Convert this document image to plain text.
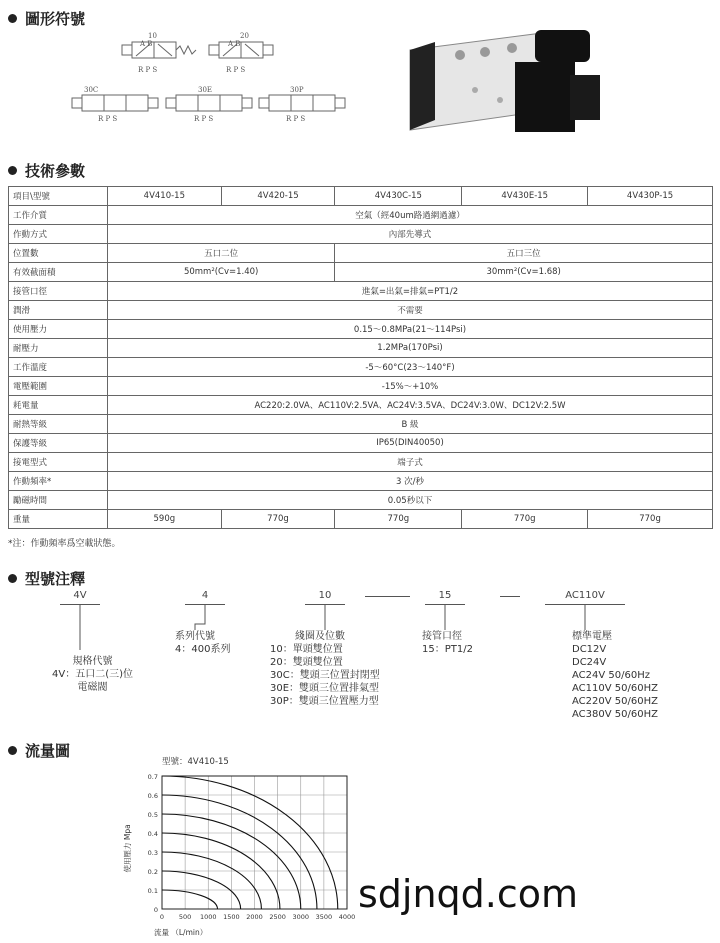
圖形符號
技術參數
型號注釋
流量圖
10
A B
R P S
20
A B
R P S
30C
R P S
30E
R P S
30P
R P S
項目\型號	4V410-15	4V420-15	4V430C-15	4V430E-15	4V430P-15
工作介質	空氣（經40um路過網過濾）				
作動方式	內部先導式				
位置數	五口二位		五口三位		
有效截面積	50mm²(Cv=1.40)		30mm²(Cv=1.68)		
接管口徑	進氣=出氣=排氣=PT1/2				
潤滑	不需要				
使用壓力	0.15～0.8MPa(21～114Psi)				
耐壓力	1.2MPa(170Psi)				
工作溫度	-5～60°C(23～140°F)				
電壓範圍	-15%～+10%				
耗電量	AC220:2.0VA、AC110V:2.5VA、AC24V:3.5VA、DC24V:3.0W、DC12V:2.5W				
耐熱等級	B 級				
保護等級	IP65(DIN40050)				
接電型式	端子式				
作動頻率*	3 次/秒				
勵磁時間	0.05秒以下				
重量	590g	770g	770g	770g	770g
*注：作動頻率爲空載狀態。
4V	4	10	15	AC110V
規格代號
4V：五口二(三)位
電磁閥
系列代號
4：400系列
綫圈及位數
10：單頭雙位置
20：雙頭雙位置
30C：雙頭三位置封閉型
30E：雙頭三位置排氣型
30P：雙頭三位置壓力型
接管口徑
15：PT1/2
標準電壓
DC12V
DC24V
AC24V 50/60Hz
AC110V 50/60HZ
AC220V 50/60HZ
AC380V 50/60HZ
型號：4V410-15
0
0.1
0.2
0.3
0.4
0.5
0.6
0.7
0 500 1000 1500 2000 2500 3000 3500 4000
流量 （L/min）
使用壓力 Mpa
sdjnqd.com
